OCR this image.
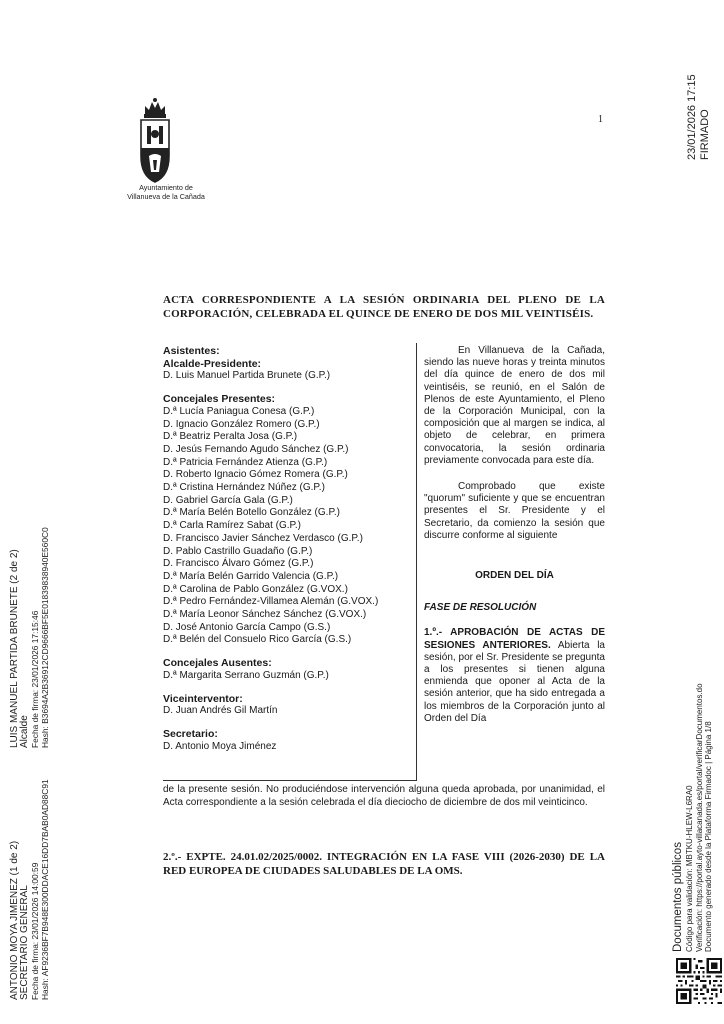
1
Ayuntamiento de
Villanueva de la Cañada
23/01/2026 17:15 FIRMADO
ACTA CORRESPONDIENTE A LA SESIÓN ORDINARIA DEL PLENO DE LA CORPORACIÓN, CELEBRADA EL QUINCE DE ENERO DE DOS MIL VEINTISÉIS.
Asistentes:
Alcalde-Presidente:
D. Luis Manuel Partida Brunete (G.P.)
Concejales Presentes:
D.ª Lucía Paniagua Conesa (G.P.)
D. Ignacio González Romero (G.P.)
D.ª Beatriz Peralta Josa (G.P.)
D. Jesús Fernando Agudo Sánchez (G.P.)
D.ª Patricia Fernández Atienza (G.P.)
D. Roberto Ignacio Gómez Romera (G.P.)
D.ª Cristina Hernández Núñez (G.P.)
D. Gabriel García Gala (G.P.)
D.ª María Belén Botello González (G.P.)
D.ª Carla Ramírez Sabat (G.P.)
D. Francisco Javier Sánchez Verdasco (G.P.)
D. Pablo Castrillo Guadaño (G.P.)
D. Francisco Álvaro Gómez (G.P.)
D.ª María Belén Garrido Valencia (G.P.)
D.ª Carolina de Pablo González (G.VOX.)
D.ª Pedro Fernández-Villamea Alemán (G.VOX.)
D.ª María Leonor Sánchez Sánchez (G.VOX.)
D. José Antonio García Campo (G.S.)
D.ª Belén del Consuelo Rico García (G.S.)
Concejales Ausentes:
D.ª Margarita Serrano Guzmán (G.P.)
Viceinterventor:
D. Juan Andrés Gil Martín
Secretario:
D. Antonio Moya Jiménez

En Villanueva de la Cañada, siendo las nueve horas y treinta minutos del día quince de enero de dos mil veintiséis, se reunió, en el Salón de Plenos de este Ayuntamiento, el Pleno de la Corporación Municipal, con la composición que al margen se indica, al objeto de celebrar, en primera convocatoria, la sesión ordinaria previamente convocada para este día.

Comprobado que existe "quorum" suficiente y que se encuentran presentes el Sr. Presidente y el Secretario, da comienzo la sesión que discurre conforme al siguiente

ORDEN DEL DÍA
FASE DE RESOLUCIÓN
1.º.- APROBACIÓN DE ACTAS DE SESIONES ANTERIORES. Abierta la sesión, por el Sr. Presidente se pregunta a los presentes si tienen alguna enmienda que oponer al Acta de la sesión anterior, que ha sido entregada a los miembros de la Corporación junto al Orden del Día
de la presente sesión. No produciéndose intervención alguna queda aprobada, por unanimidad, el Acta correspondiente a la sesión celebrada el día dieciocho de diciembre de dos mil veinticinco.
2.º.- EXPTE. 24.01.02/2025/0002. INTEGRACIÓN EN LA FASE VIII (2026-2030) DE LA RED EUROPEA DE CIUDADES SALUDABLES DE LA OMS.
ANTONIO MOYA JIMENEZ (1 de 2) SECRETARIO GENERAL Fecha de firma: 23/01/2026 14:00:59 Hash: AF9236BF7B948E300DDACE16DD7BAB0AD88C91
LUIS MANUEL PARTIDA BRUNETE (2 de 2) Alcalde Fecha de firma: 23/01/2026 17:15:46 Hash: B3694A2B36912CD9666BF5E01839838940E560C0
Documentos públicos Código para validación: MBTKU-HLEW-L6RA0 Verificación: https://portal.ayto-villacanada.es/portal/verificarDocumentos.do Documento generado desde la Plataforma Firmadoc | Página 1/8
